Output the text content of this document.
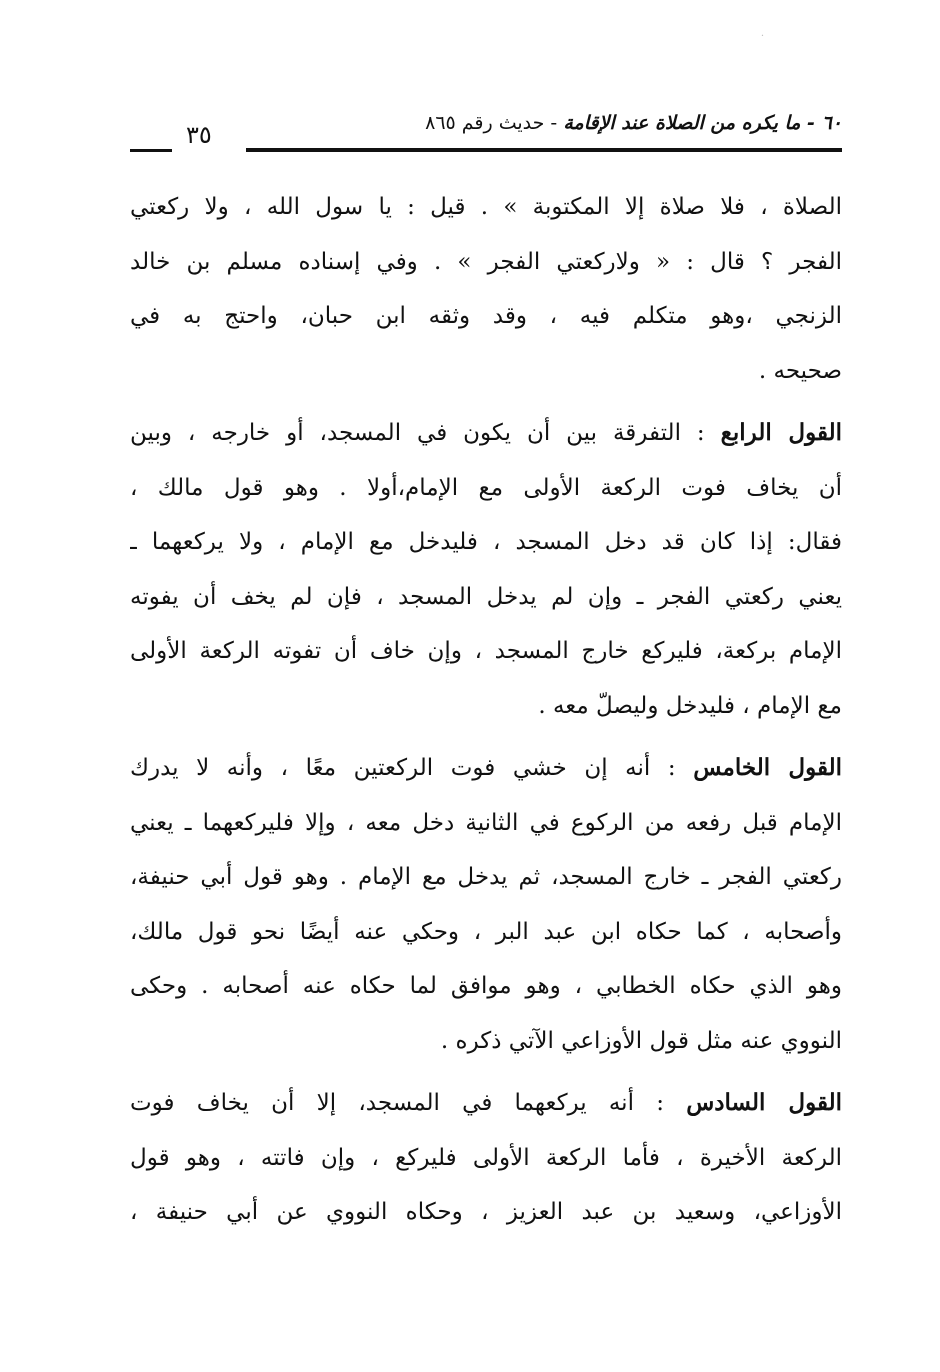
.
٦٠ - ما يكره من الصلاة عند الإقامة - حديث رقم ٨٦٥
٣٥
الصلاة ، فلا صلاة إلا المكتوبة » . قيل : يا سول الله ، ولا ركعتي
الفجر ؟ قال : « ولاركعتي الفجر » . وفي إسناده مسلم بن خالد
الزنجي ،وهو متكلم فيه ، وقد وثقه ابن حبان، واحتج به في
صحيحه .
القول الرابع : التفرقة بين أن يكون في المسجد، أو خارجه ، وبين
أن يخاف فوت الركعة الأولى مع الإمام،أولا . وهو قول مالك ،
فقال: إذا كان قد دخل المسجد ، فليدخل مع الإمام ، ولا يركعهما ـ
يعني ركعتي الفجر ـ وإن لم يدخل المسجد ، فإن لم يخف أن يفوته
الإمام بركعة، فليركع خارج المسجد ، وإن خاف أن تفوته الركعة الأولى
مع الإمام ، فليدخل وليصلّ معه .
القول الخامس : أنه إن خشي فوت الركعتين معًا ، وأنه لا يدرك
الإمام قبل رفعه من الركوع في الثانية دخل معه ، وإلا فليركعهما ـ يعني
ركعتي الفجر ـ خارج المسجد، ثم يدخل مع الإمام . وهو قول أبي حنيفة،
وأصحابه ، كما حكاه ابن عبد البر ، وحكي عنه أيضًا نحو قول مالك،
وهو الذي حكاه الخطابي ، وهو موافق لما حكاه عنه أصحابه . وحكى
النووي عنه مثل قول الأوزاعي الآتي ذكره .
القول السادس : أنه يركعهما في المسجد، إلا أن يخاف فوت
الركعة الأخيرة ، فأما الركعة الأولى فليركع ، وإن فاتته ، وهو قول
الأوزاعي، وسعيد بن عبد العزيز ، وحكاه النووي عن أبي حنيفة ،
